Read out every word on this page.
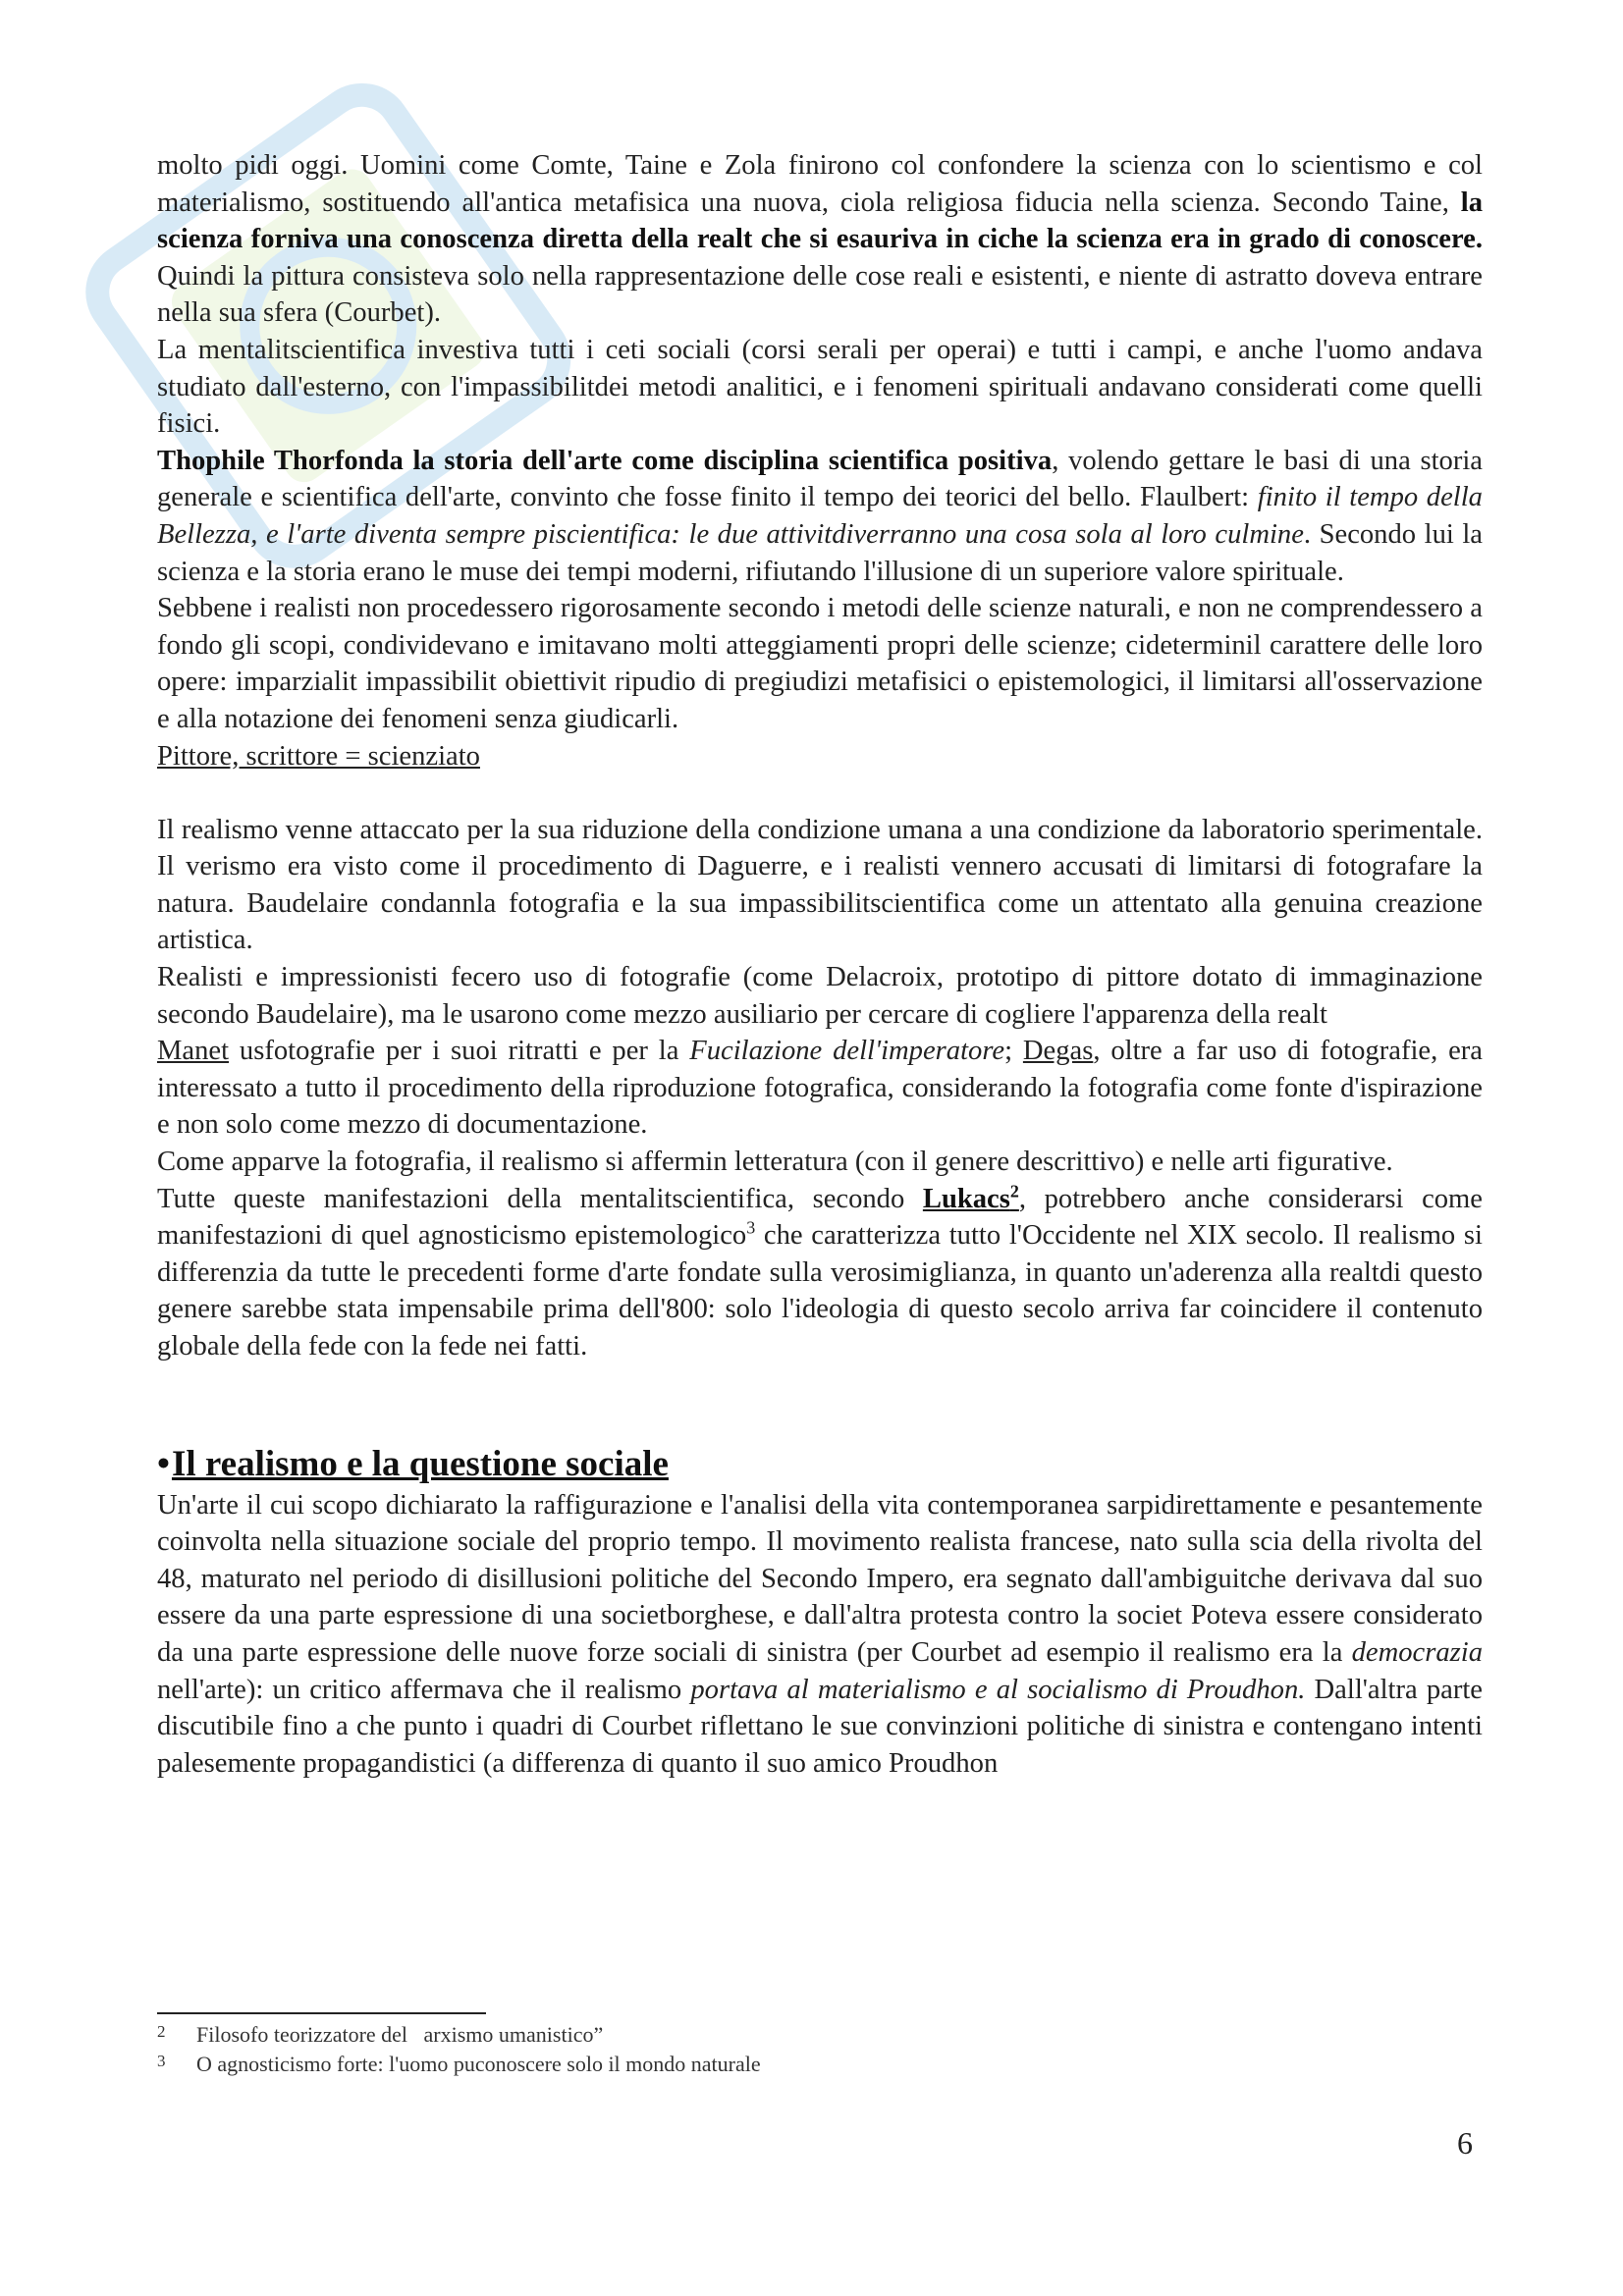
molto pidi oggi. Uomini come Comte, Taine e Zola finirono col confondere la scienza con lo scientismo e col materialismo, sostituendo all'antica metafisica una nuova, ciola religiosa fiducia nella scienza. Secondo Taine, la scienza forniva una conoscenza diretta della realt che si esauriva in ciche la scienza era in grado di conoscere. Quindi la pittura consisteva solo nella rappresentazione delle cose reali e esistenti, e niente di astratto doveva entrare nella sua sfera (Courbet).

La mentalitscientifica investiva tutti i ceti sociali (corsi serali per operai) e tutti i campi, e anche l'uomo andava studiato dall'esterno, con l'impassibilitdei metodi analitici, e i fenomeni spirituali andavano considerati come quelli fisici.

Thophile Thorfonda la storia dell'arte come disciplina scientifica positiva, volendo gettare le basi di una storia generale e scientifica dell'arte, convinto che fosse finito il tempo dei teorici del bello. Flaulbert: finito il tempo della Bellezza, e l'arte diventa sempre piscientifica: le due attivitdiverranno una cosa sola al loro culmine. Secondo lui la scienza e la storia erano le muse dei tempi moderni, rifiutando l'illusione di un superiore valore spirituale.

Sebbene i realisti non procedessero rigorosamente secondo i metodi delle scienze naturali, e non ne comprendessero a fondo gli scopi, condividevano e imitavano molti atteggiamenti propri delle scienze; cideterminil carattere delle loro opere: imparzialit impassibilit obiettivit ripudio di pregiudizi metafisici o epistemologici, il limitarsi all'osservazione e alla notazione dei fenomeni senza giudicarli.

Pittore, scrittore = scienziato

Il realismo venne attaccato per la sua riduzione della condizione umana a una condizione da laboratorio sperimentale. Il verismo era visto come il procedimento di Daguerre, e i realisti vennero accusati di limitarsi di fotografare la natura. Baudelaire condannla fotografia e la sua impassibilitscientifica come un attentato alla genuina creazione artistica.

Realisti e impressionisti fecero uso di fotografie (come Delacroix, prototipo di pittore dotato di immaginazione secondo Baudelaire), ma le usarono come mezzo ausiliario per cercare di cogliere l'apparenza della realt

Manet usfotografie per i suoi ritratti e per la Fucilazione dell'imperatore; Degas, oltre a far uso di fotografie, era interessato a tutto il procedimento della riproduzione fotografica, considerando la fotografia come fonte d'ispirazione e non solo come mezzo di documentazione.

Come apparve la fotografia, il realismo si affermin letteratura (con il genere descrittivo) e nelle arti figurative.

Tutte queste manifestazioni della mentalitscientifica, secondo Lukacs$^2$, potrebbero anche considerarsi come manifestazioni di quel agnosticismo epistemologico$^3$ che caratterizza tutto l'Occidente nel XIX secolo. Il realismo si differenzia da tutte le precedenti forme d'arte fondate sulla verosimiglianza, in quanto un'aderenza alla realtdi questo genere sarebbe stata impensabile prima dell'800: solo l'ideologia di questo secolo arriva far coincidere il contenuto globale della fede con la fede nei fatti.

•Il realismo e la questione sociale

Un'arte il cui scopo dichiarato la raffigurazione e l'analisi della vita contemporanea sarpidirettamente e pesantemente coinvolta nella situazione sociale del proprio tempo. Il movimento realista francese, nato sulla scia della rivolta del 48, maturato nel periodo di disillusioni politiche del Secondo Impero, era segnato dall'ambiguitche derivava dal suo essere da una parte espressione di una societborghese, e dall'altra protesta contro la societ Poteva essere considerato da una parte espressione delle nuove forze sociali di sinistra (per Courbet ad esempio il realismo era la democrazia nell'arte): un critico affermava che il realismo portava al materialismo e al socialismo di Proudhon. Dall'altra parte discutibile fino a che punto i quadri di Courbet riflettano le sue convinzioni politiche di sinistra e contengano intenti palesemente propagandistici (a differenza di quanto il suo amico Proudhon

2	Filosofo teorizzatore del   arxismo umanistico”
3	O agnosticismo forte: l'uomo puconoscere solo il mondo naturale
6
